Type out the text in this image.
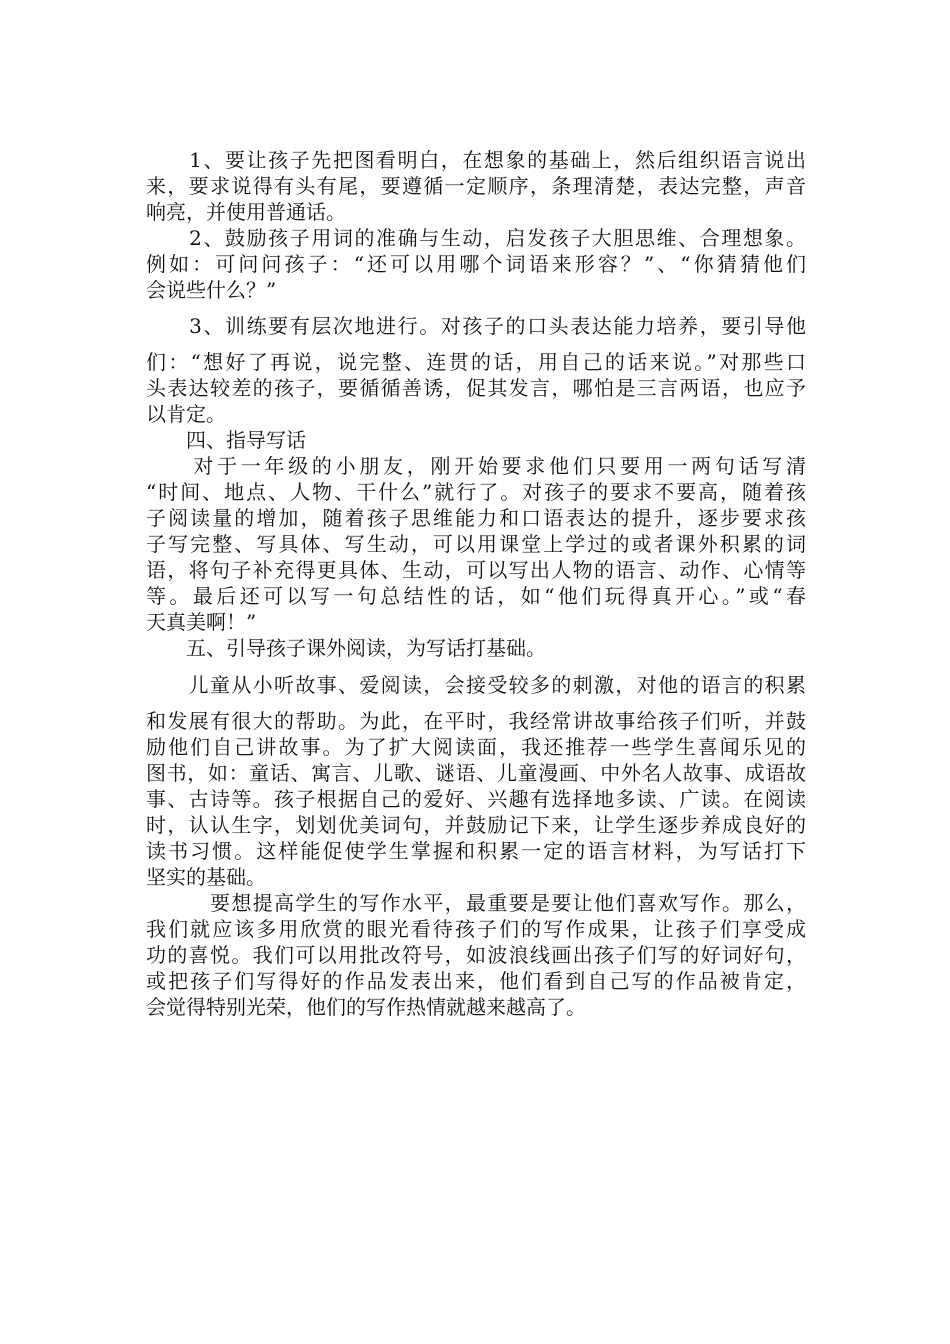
　　1、要让孩子先把图看明白，在想象的基础上，然后组织语言说出
来，要求说得有头有尾，要遵循一定顺序，条理清楚，表达完整，声音
响亮，并使用普通话。
　　2、鼓励孩子用词的准确与生动，启发孩子大胆思维、合理想象。
例如：可问问孩子：“还可以用哪个词语来形容？”、“你猜猜他们
会说些什么？”
　　3、训练要有层次地进行。对孩子的口头表达能力培养，要引导他
们：“想好了再说，说完整、连贯的话，用自己的话来说。”对那些口
头表达较差的孩子，要循循善诱，促其发言，哪怕是三言两语，也应予
以肯定。
　　四、指导写话
　　对于一年级的小朋友，刚开始要求他们只要用一两句话写清
“时间、地点、人物、干什么”就行了。对孩子的要求不要高，随着孩
子阅读量的增加，随着孩子思维能力和口语表达的提升，逐步要求孩
子写完整、写具体、写生动，可以用课堂上学过的或者课外积累的词
语，将句子补充得更具体、生动，可以写出人物的语言、动作、心情等
等。最后还可以写一句总结性的话，如“他们玩得真开心。”或“春
天真美啊！”
　　五、引导孩子课外阅读，为写话打基础。
　　儿童从小听故事、爱阅读，会接受较多的刺激，对他的语言的积累
和发展有很大的帮助。为此，在平时，我经常讲故事给孩子们听，并鼓
励他们自己讲故事。为了扩大阅读面，我还推荐一些学生喜闻乐见的
图书，如：童话、寓言、儿歌、谜语、儿童漫画、中外名人故事、成语故
事、古诗等。孩子根据自己的爱好、兴趣有选择地多读、广读。在阅读
时，认认生字，划划优美词句，并鼓励记下来，让学生逐步养成良好的
读书习惯。这样能促使学生掌握和积累一定的语言材料，为写话打下
坚实的基础。
　　　要想提高学生的写作水平，最重要是要让他们喜欢写作。那么，
我们就应该多用欣赏的眼光看待孩子们的写作成果，让孩子们享受成
功的喜悦。我们可以用批改符号，如波浪线画出孩子们写的好词好句，
或把孩子们写得好的作品发表出来，他们看到自己写的作品被肯定，
会觉得特别光荣，他们的写作热情就越来越高了。
